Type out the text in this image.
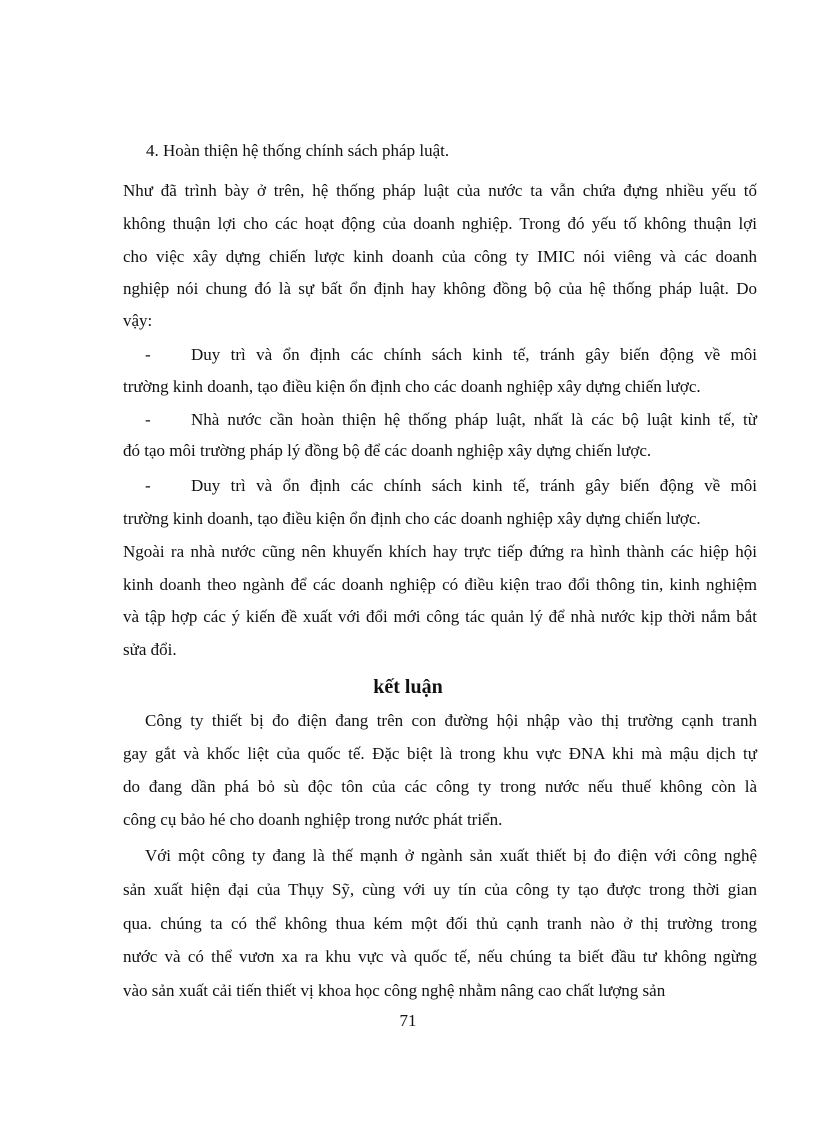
4. Hoàn thiện hệ thống chính sách pháp luật.
Như đã trình bày ở trên, hệ thống pháp luật của nước ta vẫn chứa đựng nhiều yếu tố
không thuận lợi cho các hoạt động của doanh nghiệp. Trong đó yếu tố không thuận lợi
cho việc xây dựng chiến lược kinh doanh của công ty IMIC nói viêng và các doanh
nghiệp nói chung đó là sự bất ổn định hay không đồng bộ của hệ thống pháp luật. Do
vậy:
- Duy trì và ổn định các chính sách kinh tế, tránh gây biến động về môi
trường kinh doanh, tạo điều kiện ổn định cho các doanh nghiệp xây dựng chiến lược.
- Nhà nước cần hoàn thiện hệ thống pháp luật, nhất là các bộ luật kinh tế, từ
đó tạo môi trường pháp lý đồng bộ để các doanh nghiệp xây dựng chiến lược.
- Duy trì và ổn định các chính sách kinh tế, tránh gây biến động về môi
trường kinh doanh, tạo điều kiện ổn định cho các doanh nghiệp xây dựng chiến lược.
Ngoài ra nhà nước cũng nên khuyến khích hay trực tiếp đứng ra hình thành các hiệp hội
kinh doanh theo ngành để các doanh nghiệp có điều kiện trao đổi thông tin, kinh nghiệm
và tập hợp các ý kiến đề xuất với đổi mới công tác quản lý để nhà nước kịp thời nắm bắt
sửa đổi.
kết luận
Công ty thiết bị đo điện đang trên con đường hội nhập vào thị trường cạnh tranh
gay gắt và khốc liệt của quốc tế. Đặc biệt là trong khu vực ĐNA khi mà mậu dịch tự
do đang dần phá bỏ sù độc tôn của các công ty trong nước nếu thuế không còn là
công cụ bảo hé cho doanh nghiệp trong nước phát triển.
Với một công ty đang là thế mạnh ở ngành sản xuất thiết bị đo điện với công nghệ
sản xuất hiện đại của Thụy Sỹ, cùng với uy tín của công ty tạo được trong thời gian
qua. chúng ta có thể không thua kém một đối thủ cạnh tranh nào ở thị trường trong
nước và có thể vươn xa ra khu vực và quốc tế, nếu chúng ta biết đầu tư không ngừng
vào sản xuất cải tiến thiết vị khoa học công nghệ nhằm nâng cao chất lượng sản
71
